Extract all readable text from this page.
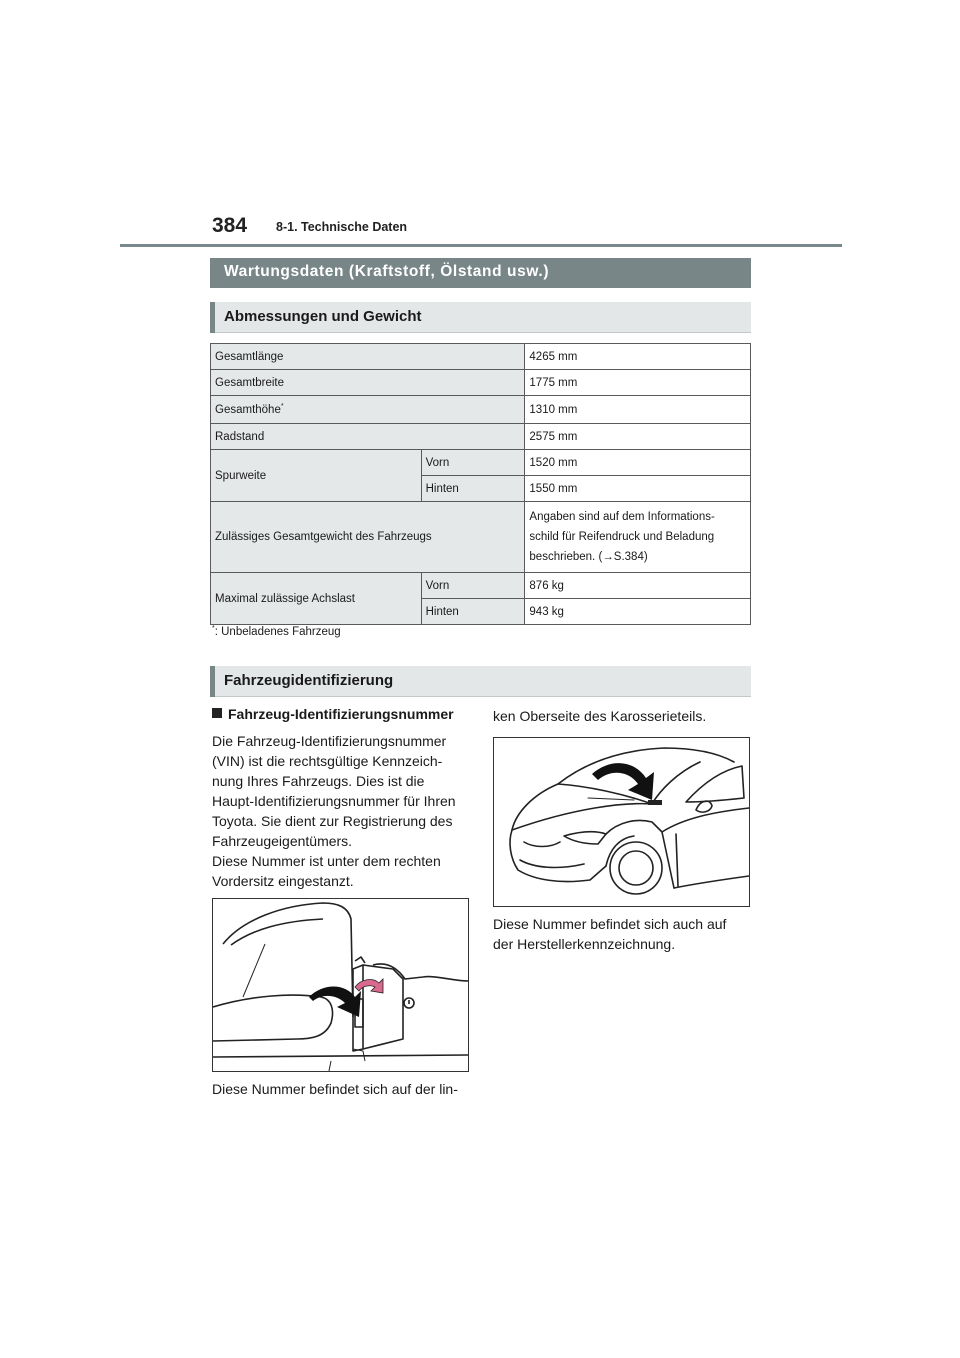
384 8-1. Technische Daten
Wartungsdaten (Kraftstoff, Ölstand usw.)
Abmessungen und Gewicht
Gesamtlänge		4265 mm
Gesamtbreite		1775 mm
Gesamthöhe*		1310 mm
Radstand		2575 mm
Spurweite	Vorn	1520 mm
	Hinten	1550 mm
Zulässiges Gesamtgewicht des Fahrzeugs		Angaben sind auf dem Informations-
schild für Reifendruck und Beladung
beschrieben. (→S.384)

Maximal zulässige Achslast	Vorn	876 kg
	Hinten	943 kg
*: Unbeladenes Fahrzeug
Fahrzeugidentifizierung
Fahrzeug-Identifizierungsnummer
Die Fahrzeug-Identifizierungsnummer
(VIN) ist die rechtsgültige Kennzeich-
nung Ihres Fahrzeugs. Dies ist die
Haupt-Identifizierungsnummer für Ihren
Toyota. Sie dient zur Registrierung des
Fahrzeugeigentümers.
Diese Nummer ist unter dem rechten
Vordersitz eingestanzt.
Diese Nummer befindet sich auf der lin-
ken Oberseite des Karosserieteils.
Diese Nummer befindet sich auch auf
der Herstellerkennzeichnung.
